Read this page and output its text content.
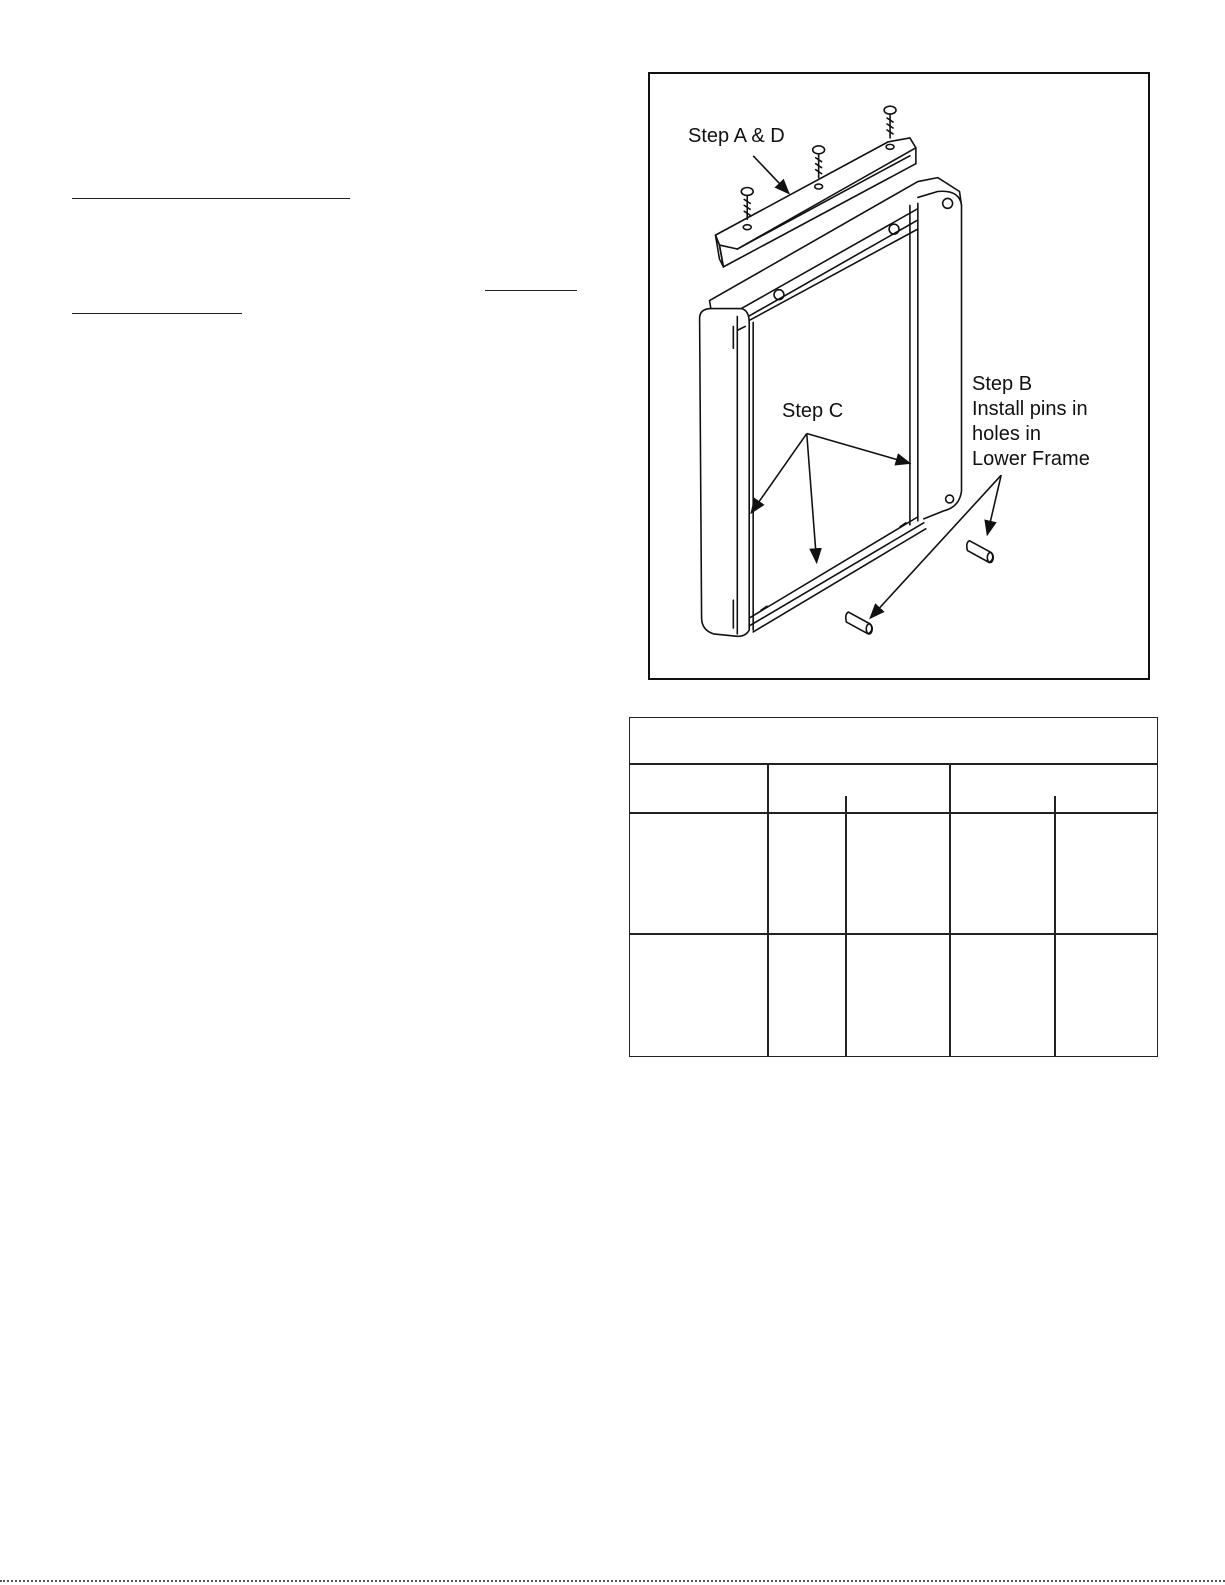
Step A & D
Step C
Step B
Install pins in
holes in
Lower Frame
